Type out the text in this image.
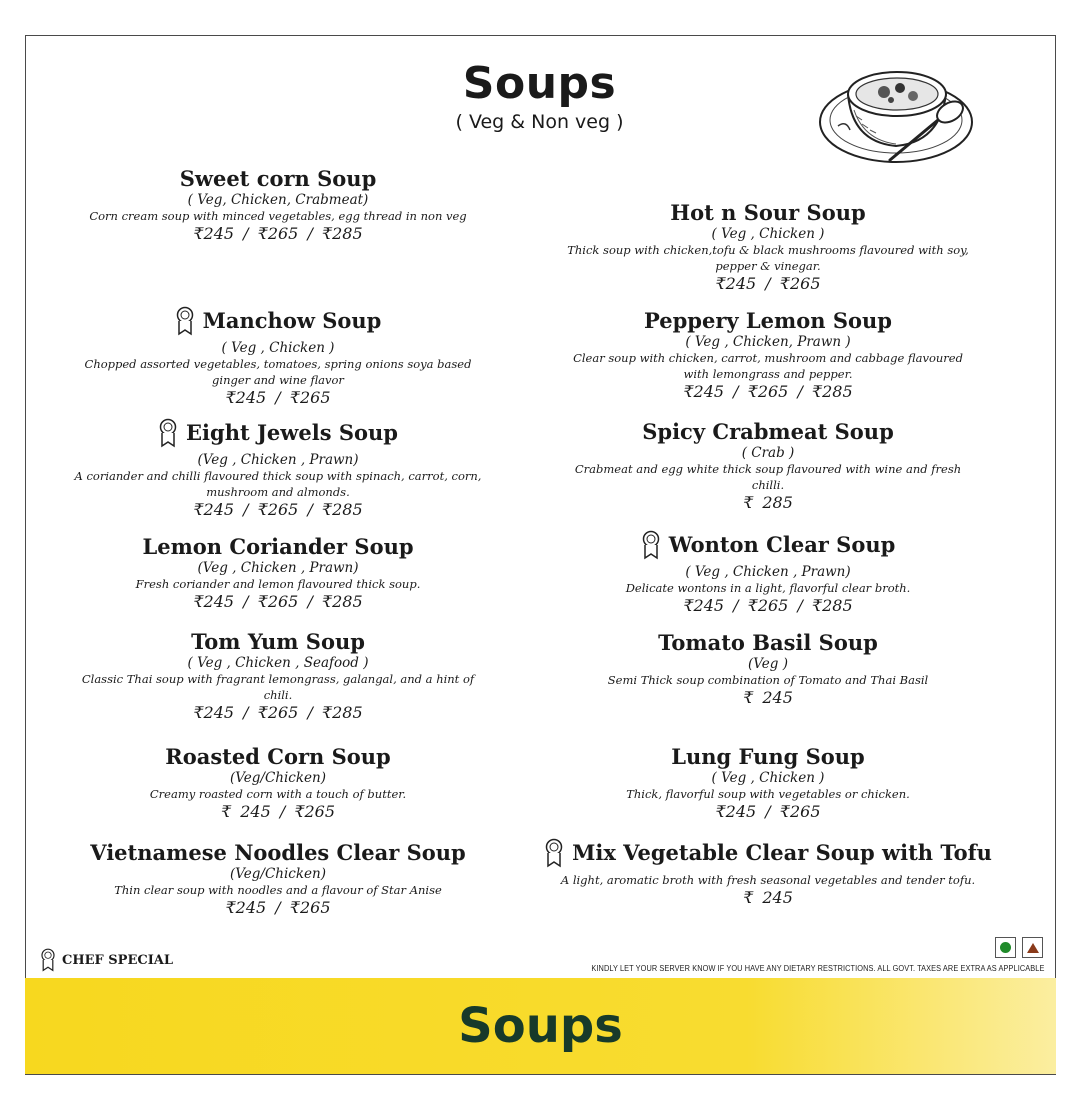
Soups
( Veg & Non veg )
Sweet corn Soup
( Veg, Chicken, Crabmeat)
Corn cream soup with minced vegetables, egg thread in non veg
₹245 / ₹265 / ₹285
Manchow Soup
( Veg , Chicken )
Chopped assorted vegetables, tomatoes, spring onions soya based ginger and wine flavor
₹245 / ₹265
Eight Jewels Soup
(Veg , Chicken , Prawn)
A coriander and chilli flavoured thick soup with spinach, carrot, corn, mushroom and almonds.
₹245 / ₹265 / ₹285
Lemon Coriander Soup
(Veg , Chicken , Prawn)
Fresh coriander and lemon flavoured thick soup.
₹245 / ₹265 / ₹285
Tom Yum Soup
( Veg , Chicken , Seafood )
Classic Thai soup with fragrant lemongrass, galangal, and a hint of chili.
₹245 / ₹265 / ₹285
Roasted Corn Soup
(Veg/Chicken)
Creamy roasted corn with a touch of butter.
₹ 245 / ₹265
Vietnamese Noodles Clear Soup
(Veg/Chicken)
Thin clear soup with noodles and a flavour of Star Anise
₹245 / ₹265
Hot n Sour Soup
( Veg , Chicken )
Thick soup with chicken,tofu & black mushrooms flavoured with soy, pepper & vinegar.
₹245 / ₹265
Peppery Lemon Soup
( Veg , Chicken, Prawn )
Clear soup with chicken, carrot, mushroom and cabbage flavoured with lemongrass and pepper.
₹245 / ₹265 / ₹285
Spicy Crabmeat Soup
( Crab )
Crabmeat and egg white thick soup flavoured with wine and fresh chilli.
₹ 285
Wonton Clear Soup
( Veg , Chicken , Prawn)
Delicate wontons in a light, flavorful clear broth.
₹245 / ₹265 / ₹285
Tomato Basil Soup
(Veg )
Semi Thick soup combination of Tomato and Thai Basil
₹ 245
Lung Fung Soup
( Veg , Chicken )
Thick, flavorful soup with vegetables or chicken.
₹245 / ₹265
Mix Vegetable Clear Soup with Tofu
A light, aromatic broth with fresh seasonal vegetables and tender tofu.
₹ 245
CHEF SPECIAL
KINDLY LET YOUR SERVER KNOW IF YOU HAVE ANY DIETARY RESTRICTIONS. ALL GOVT. TAXES ARE EXTRA AS APPLICABLE
Soups
